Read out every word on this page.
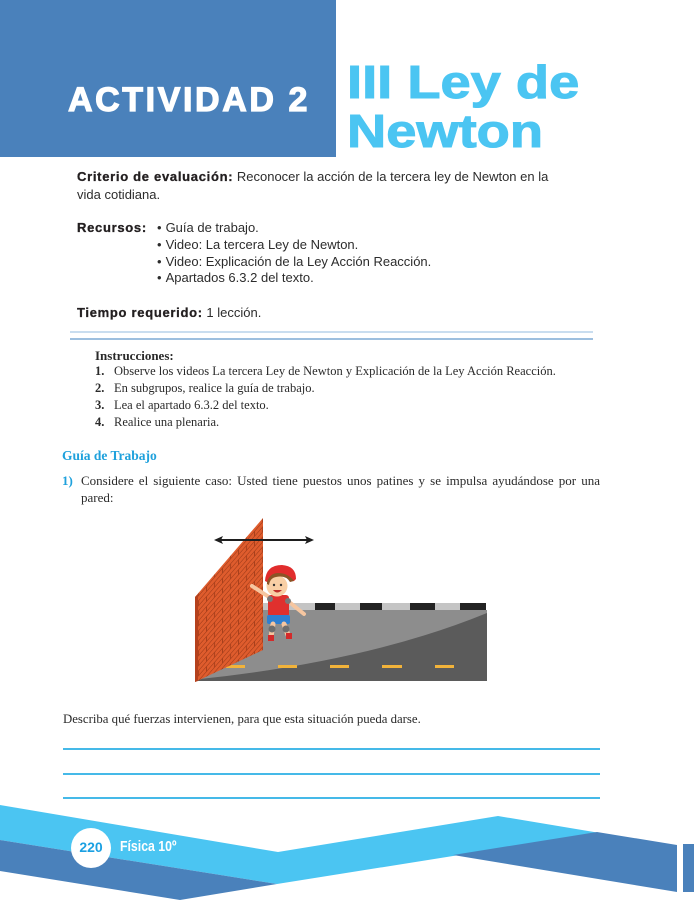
ACTIVIDAD 2 III Ley de
Newton

Criterio de evaluación: Reconocer la acción de la tercera ley de Newton en la
vida cotidiana.

Recursos: • Guía de trabajo.
• Video: La tercera Ley de Newton.
• Video: Explicación de la Ley Acción Reacción.
• Apartados 6.3.2 del texto.
Tiempo requerido: 1 lección.
Instrucciones:
1. Observe los videos La tercera Ley de Newton y Explicación de la Ley Acción Reacción.
2. En subgrupos, realice la guía de trabajo.
3. Lea el apartado 6.3.2 del texto.
4. Realice una plenaria.
Guía de Trabajo
1) Considere el siguiente caso: Usted tiene puestos unos patines y se impulsa ayudándose por una pared:
Describa qué fuerzas intervienen, para que esta situación pueda darse.
220	Física 10º
